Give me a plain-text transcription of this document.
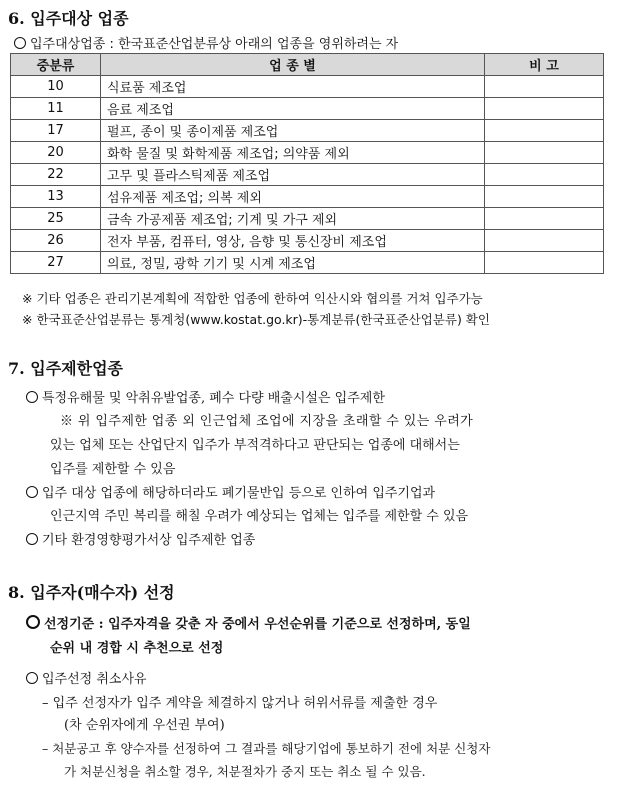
6. 입주대상 업종
입주대상업종 : 한국표준산업분류상 아래의 업종을 영위하려는 자
중분류	업 종 별	비 고
10	식료품 제조업	
11	음료 제조업	
17	펄프, 종이 및 종이제품 제조업	
20	화학 물질 및 화학제품 제조업; 의약품 제외	
22	고무 및 플라스틱제품 제조업	
13	섬유제품 제조업; 의복 제외	
25	금속 가공제품 제조업; 기계 및 가구 제외	
26	전자 부품, 컴퓨터, 영상, 음향 및 통신장비 제조업	
27	의료, 정밀, 광학 기기 및 시계 제조업	
※ 기타 업종은 관리기본계획에 적합한 업종에 한하여 익산시와 협의를 거쳐 입주가능
※ 한국표준산업분류는 통계청(www.kostat.go.kr)-통계분류(한국표준산업분류) 확인
7. 입주제한업종
특정유해물 및 악취유발업종, 폐수 다량 배출시설은 입주제한
※ 위 입주제한 업종 외 인근업체 조업에 지장을 초래할 수 있는 우려가
있는 업체 또는 산업단지 입주가 부적격하다고 판단되는 업종에 대해서는
입주를 제한할 수 있음
입주 대상 업종에 해당하더라도 폐기물반입 등으로 인하여 입주기업과
인근지역 주민 복리를 해칠 우려가 예상되는 업체는 입주를 제한할 수 있음
기타 환경영향평가서상 입주제한 업종
8. 입주자(매수자) 선정
선정기준 : 입주자격을 갖춘 자 중에서 우선순위를 기준으로 선정하며, 동일
순위 내 경합 시 추천으로 선정
입주선정 취소사유
– 입주 선정자가 입주 계약을 체결하지 않거나 허위서류를 제출한 경우
(차 순위자에게 우선권 부여)
– 처분공고 후 양수자를 선정하여 그 결과를 해당기업에 통보하기 전에 처분 신청자
가 처분신청을 취소할 경우, 처분절차가 중지 또는 취소 될 수 있음.
